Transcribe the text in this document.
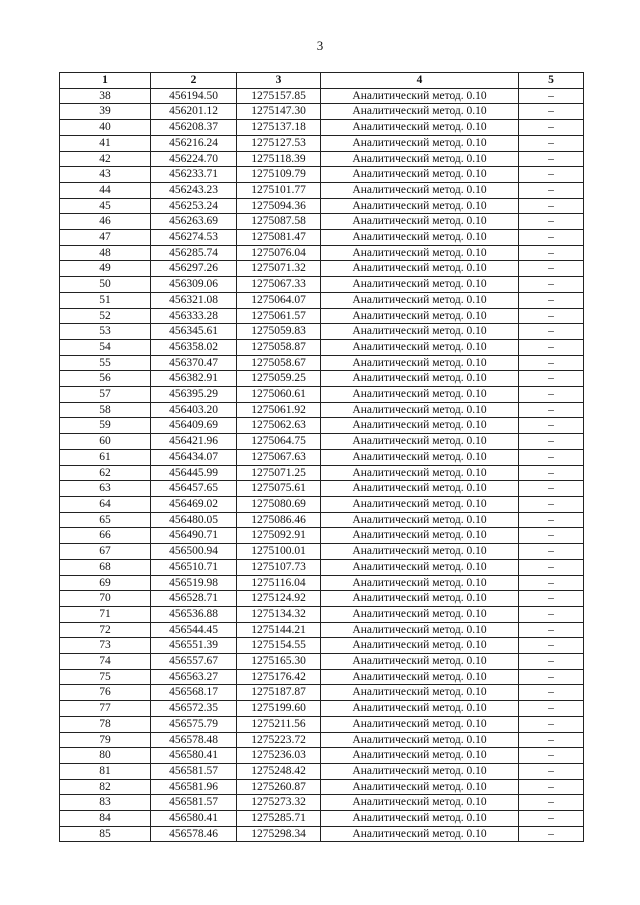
3
1	2	3	4	5
38	456194.50	1275157.85	Аналитический метод. 0.10	–
39	456201.12	1275147.30	Аналитический метод. 0.10	–
40	456208.37	1275137.18	Аналитический метод. 0.10	–
41	456216.24	1275127.53	Аналитический метод. 0.10	–
42	456224.70	1275118.39	Аналитический метод. 0.10	–
43	456233.71	1275109.79	Аналитический метод. 0.10	–
44	456243.23	1275101.77	Аналитический метод. 0.10	–
45	456253.24	1275094.36	Аналитический метод. 0.10	–
46	456263.69	1275087.58	Аналитический метод. 0.10	–
47	456274.53	1275081.47	Аналитический метод. 0.10	–
48	456285.74	1275076.04	Аналитический метод. 0.10	–
49	456297.26	1275071.32	Аналитический метод. 0.10	–
50	456309.06	1275067.33	Аналитический метод. 0.10	–
51	456321.08	1275064.07	Аналитический метод. 0.10	–
52	456333.28	1275061.57	Аналитический метод. 0.10	–
53	456345.61	1275059.83	Аналитический метод. 0.10	–
54	456358.02	1275058.87	Аналитический метод. 0.10	–
55	456370.47	1275058.67	Аналитический метод. 0.10	–
56	456382.91	1275059.25	Аналитический метод. 0.10	–
57	456395.29	1275060.61	Аналитический метод. 0.10	–
58	456403.20	1275061.92	Аналитический метод. 0.10	–
59	456409.69	1275062.63	Аналитический метод. 0.10	–
60	456421.96	1275064.75	Аналитический метод. 0.10	–
61	456434.07	1275067.63	Аналитический метод. 0.10	–
62	456445.99	1275071.25	Аналитический метод. 0.10	–
63	456457.65	1275075.61	Аналитический метод. 0.10	–
64	456469.02	1275080.69	Аналитический метод. 0.10	–
65	456480.05	1275086.46	Аналитический метод. 0.10	–
66	456490.71	1275092.91	Аналитический метод. 0.10	–
67	456500.94	1275100.01	Аналитический метод. 0.10	–
68	456510.71	1275107.73	Аналитический метод. 0.10	–
69	456519.98	1275116.04	Аналитический метод. 0.10	–
70	456528.71	1275124.92	Аналитический метод. 0.10	–
71	456536.88	1275134.32	Аналитический метод. 0.10	–
72	456544.45	1275144.21	Аналитический метод. 0.10	–
73	456551.39	1275154.55	Аналитический метод. 0.10	–
74	456557.67	1275165.30	Аналитический метод. 0.10	–
75	456563.27	1275176.42	Аналитический метод. 0.10	–
76	456568.17	1275187.87	Аналитический метод. 0.10	–
77	456572.35	1275199.60	Аналитический метод. 0.10	–
78	456575.79	1275211.56	Аналитический метод. 0.10	–
79	456578.48	1275223.72	Аналитический метод. 0.10	–
80	456580.41	1275236.03	Аналитический метод. 0.10	–
81	456581.57	1275248.42	Аналитический метод. 0.10	–
82	456581.96	1275260.87	Аналитический метод. 0.10	–
83	456581.57	1275273.32	Аналитический метод. 0.10	–
84	456580.41	1275285.71	Аналитический метод. 0.10	–
85	456578.46	1275298.34	Аналитический метод. 0.10	–
